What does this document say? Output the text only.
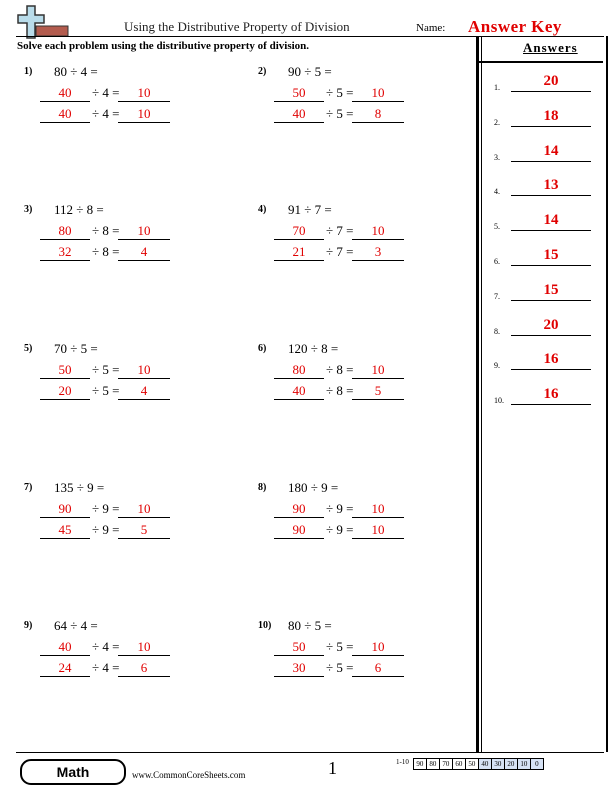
Using the Distributive Property of Division	Name: Answer Key
Solve each problem using the distributive property of division.	Answers
1.	20
2.	18
3.	14
4.	13
5.	14
6.	15
7.	15
8.	20
9.	16
10.	16
1) 80 ÷ 4 =
40	÷ 4 =	10
40	÷ 4 =	10
2) 90 ÷ 5 =
50	÷ 5 =	10
40	÷ 5 =	8
3) 112 ÷ 8 =
80	÷ 8 =	10
32	÷ 8 =	4
4) 91 ÷ 7 =
70	÷ 7 =	10
21	÷ 7 =	3
5) 70 ÷ 5 =
50	÷ 5 =	10
20	÷ 5 =	4
6) 120 ÷ 8 =
80	÷ 8 =	10
40	÷ 8 =	5
7) 135 ÷ 9 =
90	÷ 9 =	10
45	÷ 9 =	5
8) 180 ÷ 9 =
90	÷ 9 =	10
90	÷ 9 =	10
9) 64 ÷ 4 =
40	÷ 4 =	10
24	÷ 4 =	6
10) 80 ÷ 5 =
50	÷ 5 =	10
30	÷ 5 =	6
Math	www.CommonCoreSheets.com	1	1-10	90 80 70 60 50 40 30 20 10	0
